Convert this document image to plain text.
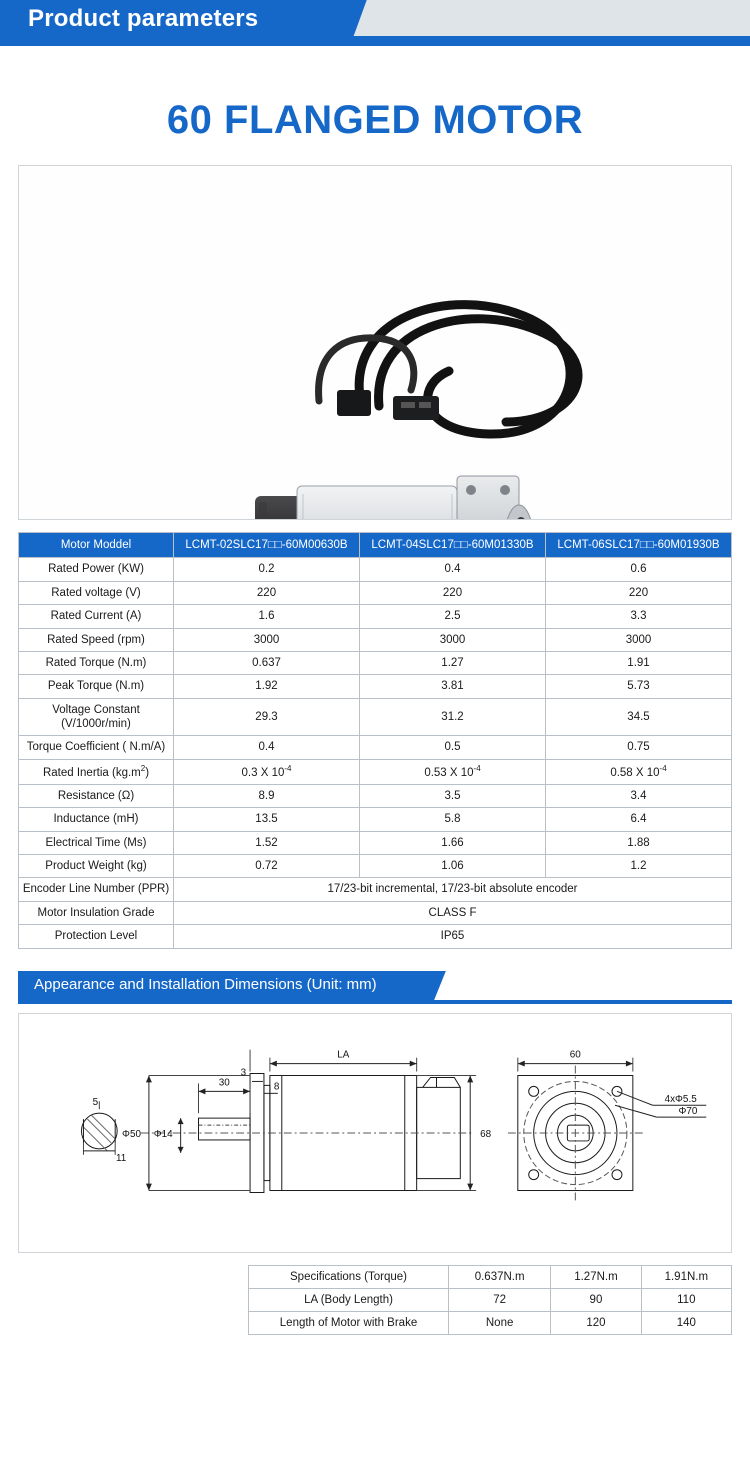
Product parameters
60 FLANGED MOTOR
Motor Moddel	LCMT-02SLC17□□-60M00630B	LCMT-04SLC17□□-60M01330B	LCMT-06SLC17□□-60M01930B
Rated Power (KW)	0.2	0.4	0.6
Rated voltage (V)	220	220	220
Rated Current (A)	1.6	2.5	3.3
Rated Speed (rpm)	3000	3000	3000
Rated Torque (N.m)	0.637	1.27	1.91
Peak Torque (N.m)	1.92	3.81	5.73
Voltage Constant
(V/1000r/min)	29.3	31.2	34.5
Torque Coefficient ( N.m/A)	0.4	0.5	0.75
Rated Inertia $(kg.m^2)$	0.3 X $10^{-4}$	0.53 X $10^{-4}$	0.58 X $10^{-4}$
Resistance (Ω)	8.9	3.5	3.4
Inductance (mH)	13.5	5.8	6.4
Electrical Time (Ms)	1.52	1.66	1.88
Product Weight (kg)	0.72	1.06	1.2
Encoder Line Number (PPR)	17/23-bit incremental, 17/23-bit absolute encoder		
Motor Insulation Grade	CLASS F		
Protection Level	IP65		
Appearance and Installation Dimensions (Unit: mm)
30
LA
3
8
68
Φ50 Φ14
5
11
60
4xΦ5.5
Φ70
Specifications (Torque)	0.637N.m	1.27N.m	1.91N.m
LA (Body Length)	72	90	110
Length of Motor with Brake	None	120	140
